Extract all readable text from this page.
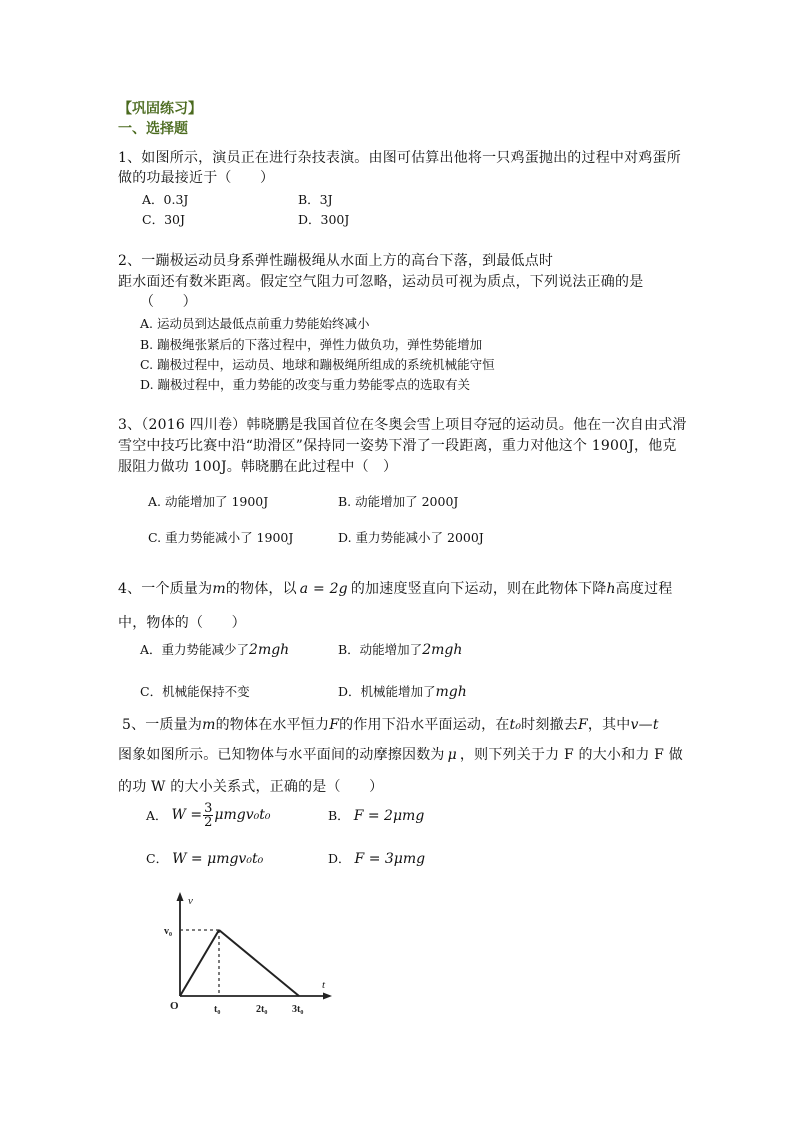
【巩固练习】
一、选择题
1、如图所示，演员正在进行杂技表演。由图可估算出他将一只鸡蛋抛出的过程中对鸡蛋所
做的功最接近于（　　）
A．0.3J	B．3J
C．30J	D．300J
2、一蹦极运动员身系弹性蹦极绳从水面上方的高台下落，到最低点时
距水面还有数米距离。假定空气阻力可忽略，运动员可视为质点，下列说法正确的是
（　　）
A. 运动员到达最低点前重力势能始终减小
B. 蹦极绳张紧后的下落过程中，弹性力做负功，弹性势能增加
C. 蹦极过程中，运动员、地球和蹦极绳所组成的系统机械能守恒
D. 蹦极过程中，重力势能的改变与重力势能零点的选取有关
3、（2016 四川卷）韩晓鹏是我国首位在冬奥会雪上项目夺冠的运动员。他在一次自由式滑
雪空中技巧比赛中沿“助滑区”保持同一姿势下滑了一段距离，重力对他这个 1900J，他克
服阻力做功 100J。韩晓鹏在此过程中（　）
A. 动能增加了 1900J	B. 动能增加了 2000J
C. 重力势能减小了 1900J	D. 重力势能减小了 2000J
4、一个质量为m的物体，以 a = 2g 的加速度竖直向下运动，则在此物体下降h高度过程
中，物体的（　　）
A．重力势能减少了2mgh	B．动能增加了2mgh
C．机械能保持不变	D．机械能增加了mgh
5、一质量为m的物体在水平恒力F的作用下沿水平面运动，在t₀时刻撤去F，其中v—t
图象如图所示。已知物体与水平面间的动摩擦因数为 μ ，则下列关于力 F 的大小和力 F 做
的功 W 的大小关系式，正确的是（　　）
A． $W = \frac{3}{2} \mu mgv_0t_0$	B． F = 2μmg
C． W = μmgv₀t₀	D． F = 3μmg
v
t
v₀
O	t₀	2t₀ 3t₀
